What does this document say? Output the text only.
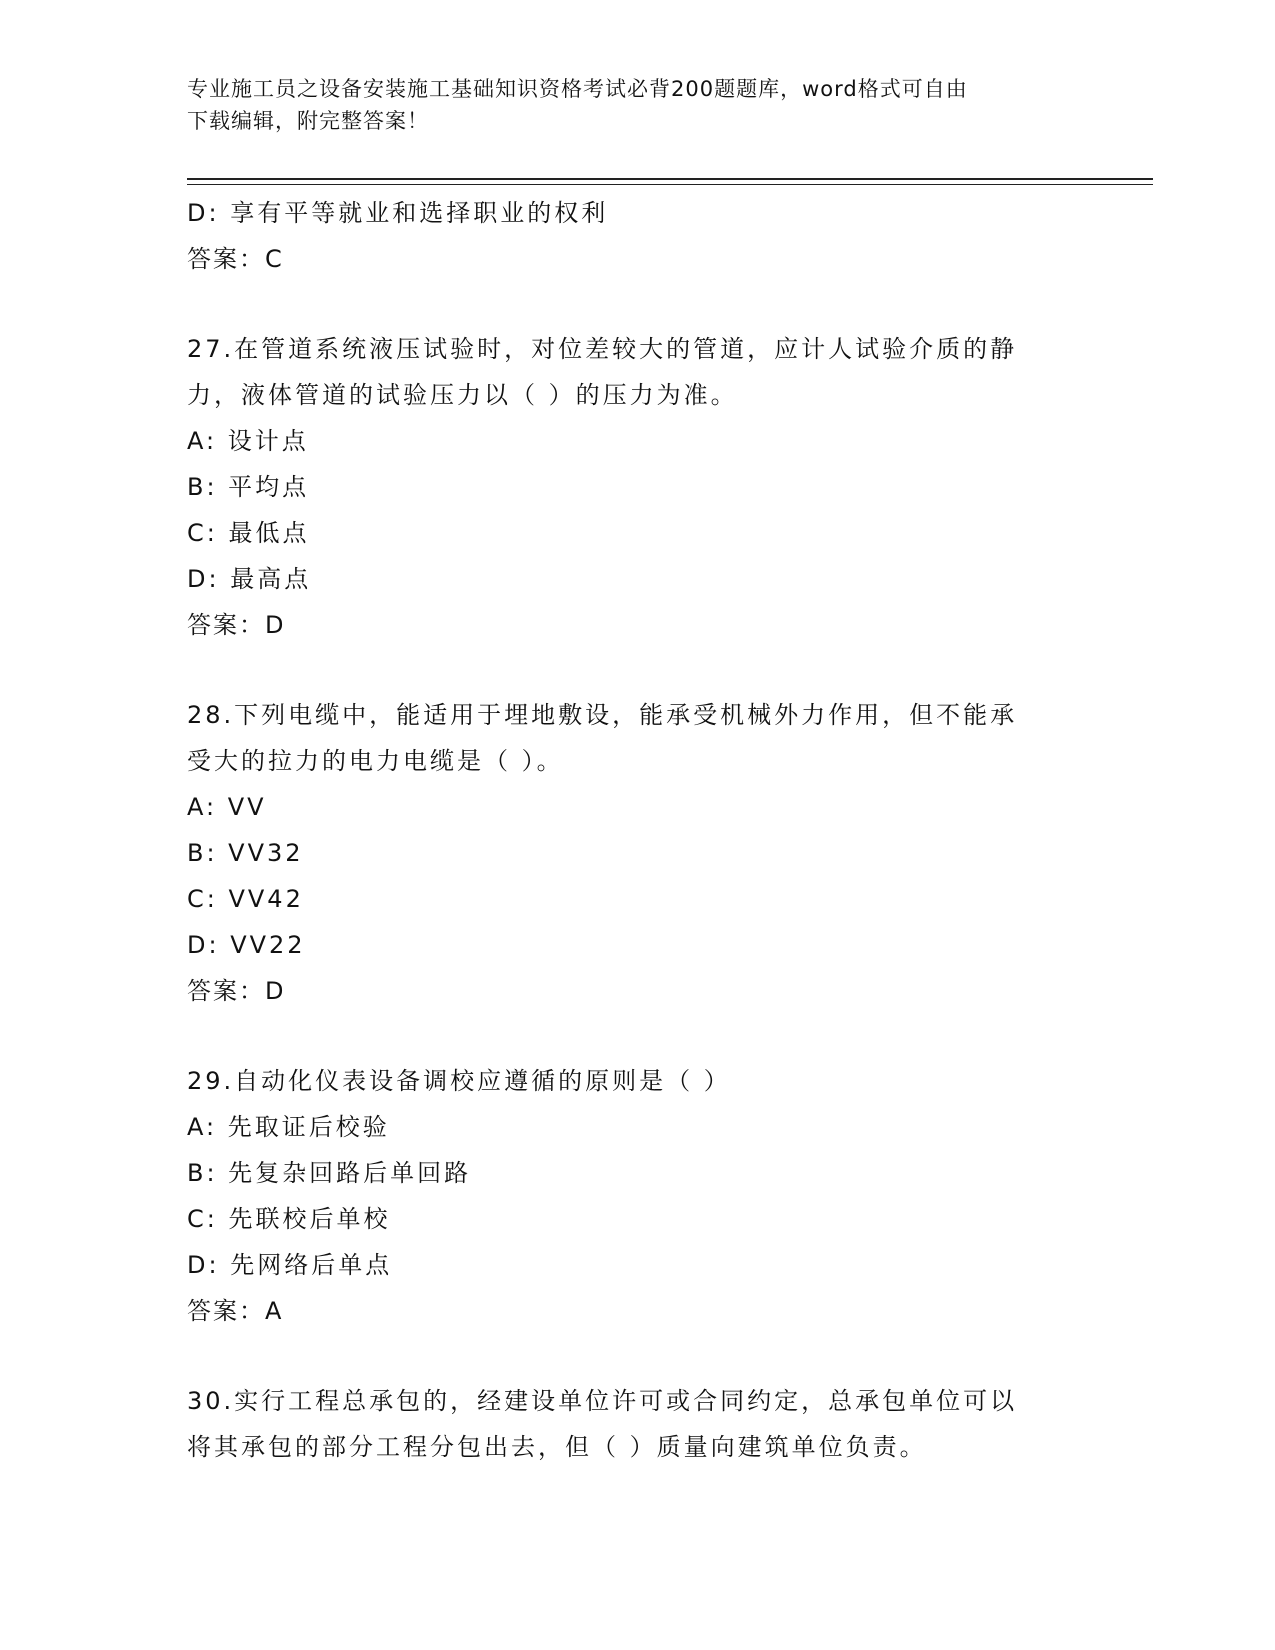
专业施工员之设备安装施工基础知识资格考试必背200题题库，word格式可自由
下载编辑，附完整答案！
D: 享有平等就业和选择职业的权利
答案：C
27.在管道系统液压试验时，对位差较大的管道，应计人试验介质的静
力，液体管道的试验压力以（ ）的压力为准。
A: 设计点
B: 平均点
C: 最低点
D: 最高点
答案：D
28.下列电缆中，能适用于埋地敷设，能承受机械外力作用，但不能承
受大的拉力的电力电缆是（ ）。
A: VV
B: VV32
C: VV42
D: VV22
答案：D
29.自动化仪表设备调校应遵循的原则是（ ）
A: 先取证后校验
B: 先复杂回路后单回路
C: 先联校后单校
D: 先网络后单点
答案：A
30.实行工程总承包的，经建设单位许可或合同约定，总承包单位可以
将其承包的部分工程分包出去，但（ ）质量向建筑单位负责。
